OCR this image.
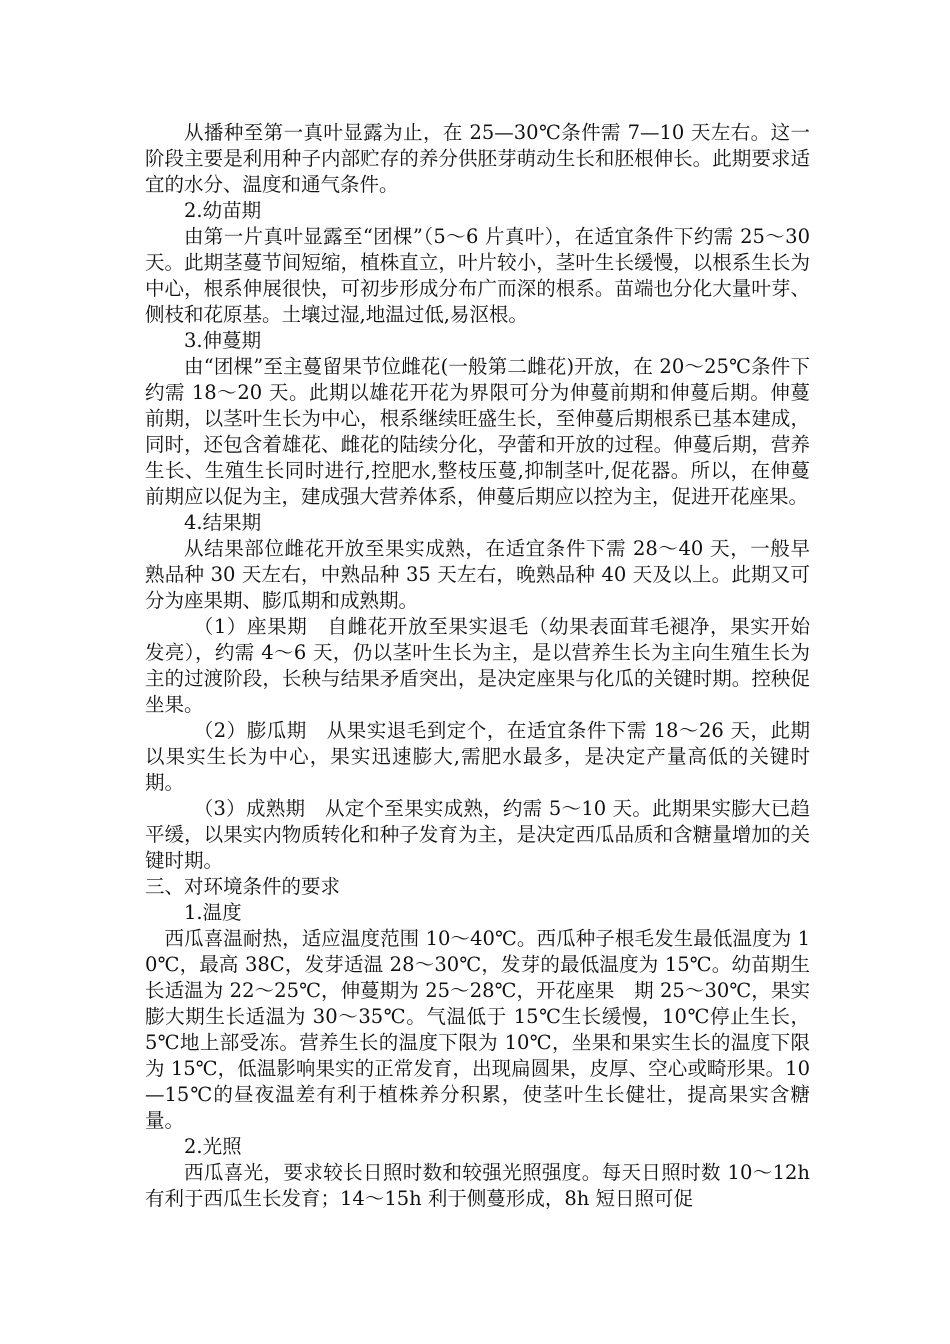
从播种至第一真叶显露为止，在 25—30℃条件需 7—10 天左右。这一阶段主要是利用种子内部贮存的养分供胚芽萌动生长和胚根伸长。此期要求适宜的水分、温度和通气条件。

2.幼苗期

由第一片真叶显露至“团棵”（5～6 片真叶），在适宜条件下约需 25～30 天。此期茎蔓节间短缩，植株直立，叶片较小，茎叶生长缓慢，以根系生长为中心，根系伸展很快，可初步形成分布广而深的根系。苗端也分化大量叶芽、侧枝和花原基。土壤过湿,地温过低,易沤根。

3.伸蔓期

由“团棵”至主蔓留果节位雌花(一般第二雌花)开放，在 20～25℃条件下约需 18～20 天。此期以雄花开花为界限可分为伸蔓前期和伸蔓后期。伸蔓前期，以茎叶生长为中心，根系继续旺盛生长，至伸蔓后期根系已基本建成，同时，还包含着雄花、雌花的陆续分化，孕蕾和开放的过程。伸蔓后期，营养生长、生殖生长同时进行,控肥水,整枝压蔓,抑制茎叶,促花器。所以，在伸蔓前期应以促为主，建成强大营养体系，伸蔓后期应以控为主，促进开花座果。

4.结果期

从结果部位雌花开放至果实成熟，在适宜条件下需 28～40 天，一般早熟品种 30 天左右，中熟品种 35 天左右，晚熟品种 40 天及以上。此期又可分为座果期、膨瓜期和成熟期。

（1）座果期　自雌花开放至果实退毛（幼果表面茸毛褪净，果实开始发亮），约需 4～6 天，仍以茎叶生长为主，是以营养生长为主向生殖生长为主的过渡阶段，长秧与结果矛盾突出，是决定座果与化瓜的关键时期。控秧促坐果。

（2）膨瓜期　从果实退毛到定个，在适宜条件下需 18～26 天，此期以果实生长为中心，果实迅速膨大,需肥水最多，是决定产量高低的关键时期。

（3）成熟期　从定个至果实成熟，约需 5～10 天。此期果实膨大已趋平缓，以果实内物质转化和种子发育为主，是决定西瓜品质和含糖量增加的关键时期。

三、对环境条件的要求

1.温度

西瓜喜温耐热，适应温度范围 10～40℃。西瓜种子根毛发生最低温度为 10℃，最高 38C，发芽适温 28～30℃，发芽的最低温度为 15℃。幼苗期生长适温为 22～25℃，伸蔓期为 25～28℃，开花座果　期 25～30℃，果实膨大期生长适温为 30～35℃。气温低于 15℃生长缓慢，10℃停止生长，5℃地上部受冻。营养生长的温度下限为 10℃，坐果和果实生长的温度下限为 15℃，低温影响果实的正常发育，出现扁圆果，皮厚、空心或畸形果。10—15℃的昼夜温差有利于植株养分积累，使茎叶生长健壮，提高果实含糖量。

2.光照

西瓜喜光，要求较长日照时数和较强光照强度。每天日照时数 10～12h 有利于西瓜生长发育；14～15h 利于侧蔓形成，8h 短日照可促
